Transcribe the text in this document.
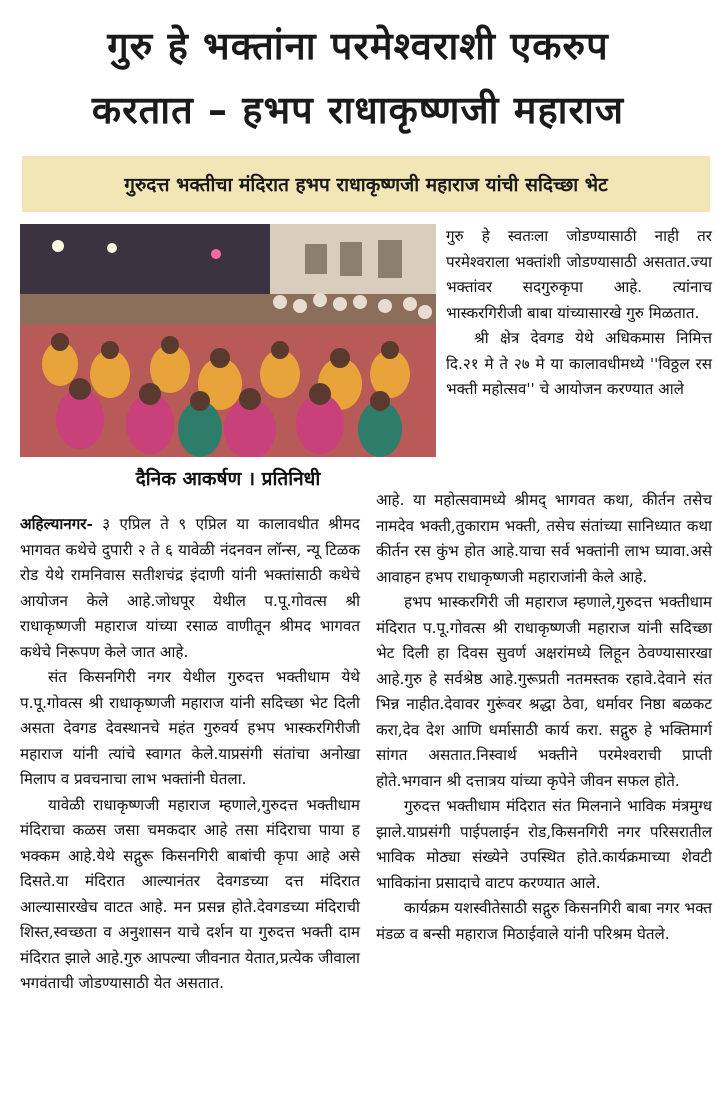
गुरु हे भक्तांना परमेश्वराशी एकरुप
करतात – हभप राधाकृष्णजी महाराज
गुरुदत्त भक्तीचा मंदिरात हभप राधाकृष्णजी महाराज यांची सदिच्छा भेट
दैनिक आकर्षण । प्रतिनिधी

अहिल्यानगर- ३ एप्रिल ते ९ एप्रिल या कालावधीत श्रीमद भागवत कथेचे दुपारी २ ते ६ यावेळी नंदनवन लॉन्स, न्यू टिळक रोड येथे रामनिवास सतीशचंद्र इंदाणी यांनी भक्तांसाठी कथेचे आयोजन केले आहे.जोधपूर येथील प.पू.गोवत्स श्री राधाकृष्णजी महाराज यांच्या रसाळ वाणीतून श्रीमद भागवत कथेचे निरूपण केले जात आहे.

संत किसनगिरी नगर येथील गुरुदत्त भक्तीधाम येथे प.पू.गोवत्स श्री राधाकृष्णजी महाराज यांनी सदिच्छा भेट दिली असता देवगड देवस्थानचे महंत गुरुवर्य हभप भास्करगिरीजी महाराज यांनी त्यांचे स्वागत केले.याप्रसंगी संतांचा अनोखा मिलाप व प्रवचनाचा लाभ भक्तांनी घेतला.

यावेळी राधाकृष्णजी महाराज म्हणाले,गुरुदत्त भक्तीधाम मंदिराचा कळस जसा चमकदार आहे तसा मंदिराचा पाया ह भक्कम आहे.येथे सद्गुरू किसनगिरी बाबांची कृपा आहे असे दिसते.या मंदिरात आल्यानंतर देवगडच्या दत्त मंदिरात आल्यासारखेच वाटत आहे. मन प्रसन्न होते.देवगडच्या मंदिराची शिस्त,स्वच्छता व अनुशासन याचे दर्शन या गुरुदत्त भक्ती दाम मंदिरात झाले आहे.गुरु आपल्या जीवनात येतात,प्रत्येक जीवाला भगवंताची जोडण्यासाठी येत असतात.

गुरु हे स्वतःला जोडण्यासाठी नाही तर परमेश्वराला भक्तांशी जोडण्यासाठी असतात.ज्या भक्तांवर सदगुरुकृपा आहे. त्यांनाच भास्करगिरीजी बाबा यांच्यासारखे गुरु मिळतात.

श्री क्षेत्र देवगड येथे अधिकमास निमित्त दि.२१ मे ते २७ मे या कालावधीमध्ये ''विठ्ठल रस भक्ती महोत्सव'' चे आयोजन करण्यात आले

आहे. या महोत्सवामध्ये श्रीमद् भागवत कथा, कीर्तन तसेच नामदेव भक्ती,तुकाराम भक्ती, तसेच संतांच्या सानिध्यात कथा कीर्तन रस कुंभ होत आहे.याचा सर्व भक्तांनी लाभ घ्यावा.असे आवाहन हभप राधाकृष्णजी महाराजांनी केले आहे.

हभप भास्करगिरी जी महाराज म्हणाले,गुरुदत्त भक्तीधाम मंदिरात प.पू.गोवत्स श्री राधाकृष्णजी महाराज यांनी सदिच्छा भेट दिली हा दिवस सुवर्ण अक्षरांमध्ये लिहून ठेवण्यासारखा आहे.गुरु हे सर्वश्रेष्ठ आहे.गुरूप्रती नतमस्तक रहावे.देवाने संत भिन्न नाहीत.देवावर गुरूंवर श्रद्धा ठेवा, धर्मावर निष्ठा बळकट करा,देव देश आणि धर्मासाठी कार्य करा. सद्गुरु हे भक्तिमार्ग सांगत असतात.निस्वार्थ भक्तीने परमेश्वराची प्राप्ती होते.भगवान श्री दत्तात्रय यांच्या कृपेने जीवन सफल होते.

गुरुदत्त भक्तीधाम मंदिरात संत मिलनाने भाविक मंत्रमुग्ध झाले.याप्रसंगी पाईपलाईन रोड,किसनगिरी नगर परिसरातील भाविक मोठ्या संख्येने उपस्थित होते.कार्यक्रमाच्या शेवटी भाविकांना प्रसादाचे वाटप करण्यात आले.

कार्यक्रम यशस्वीतेसाठी सद्गुरु किसनगिरी बाबा नगर भक्त मंडळ व बन्सी महाराज मिठाईवाले यांनी परिश्रम घेतले.
